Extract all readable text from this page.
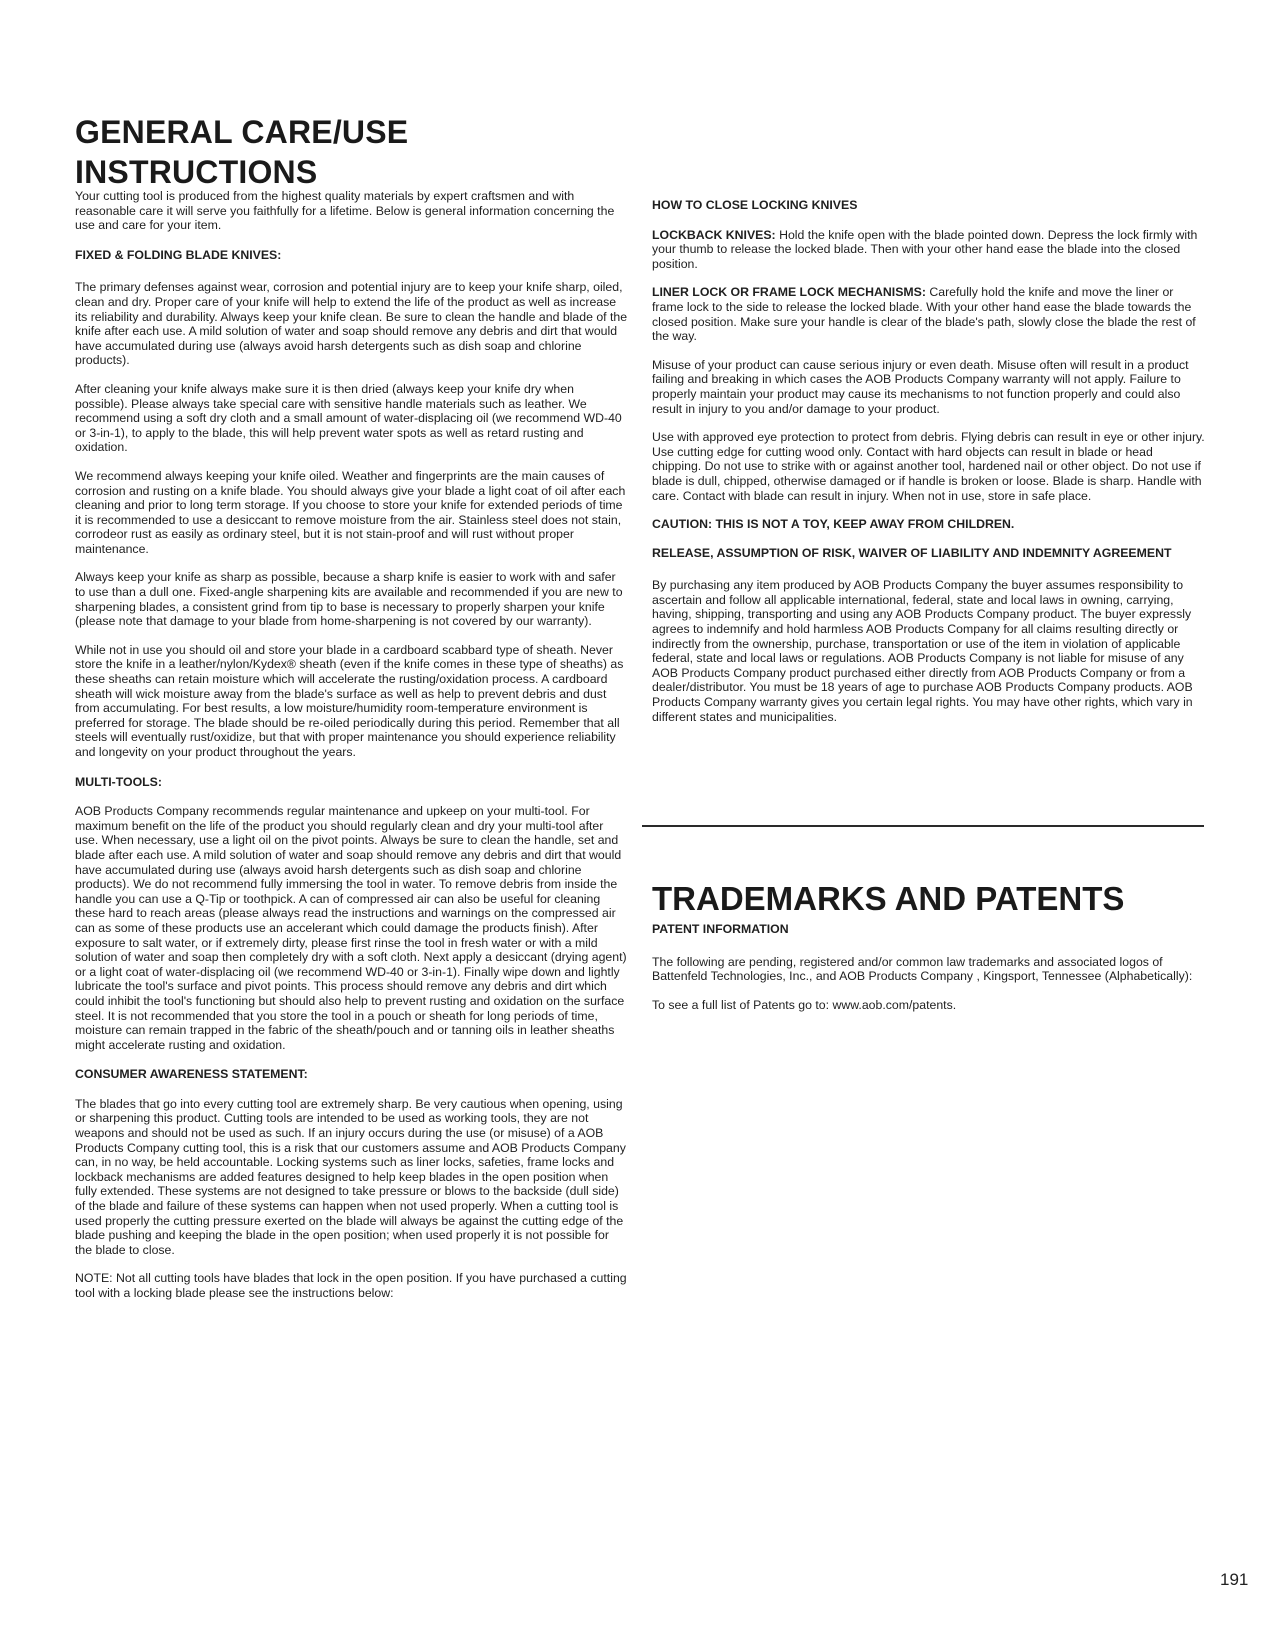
GENERAL CARE/USE INSTRUCTIONS

Your cutting tool is produced from the highest quality materials by expert craftsmen and with reasonable care it will serve you faithfully for a lifetime. Below is general information concerning the use and care for your item.

FIXED & FOLDING BLADE KNIVES:

The primary defenses against wear, corrosion and potential injury are to keep your knife sharp, oiled, clean and dry. Proper care of your knife will help to extend the life of the product as well as increase its reliability and durability. Always keep your knife clean. Be sure to clean the handle and blade of the knife after each use. A mild solution of water and soap should remove any debris and dirt that would have accumulated during use (always avoid harsh detergents such as dish soap and chlorine products).

After cleaning your knife always make sure it is then dried (always keep your knife dry when possible). Please always take special care with sensitive handle materials such as leather. We recommend using a soft dry cloth and a small amount of water-displacing oil (we recommend WD-40 or 3-in-1), to apply to the blade, this will help prevent water spots as well as retard rusting and oxidation.

We recommend always keeping your knife oiled. Weather and fingerprints are the main causes of corrosion and rusting on a knife blade. You should always give your blade a light coat of oil after each cleaning and prior to long term storage. If you choose to store your knife for extended periods of time it is recommended to use a desiccant to remove moisture from the air. Stainless steel does not stain, corrodeor rust as easily as ordinary steel, but it is not stain-proof and will rust without proper maintenance.

Always keep your knife as sharp as possible, because a sharp knife is easier to work with and safer to use than a dull one. Fixed-angle sharpening kits are available and recommended if you are new to sharpening blades, a consistent grind from tip to base is necessary to properly sharpen your knife (please note that damage to your blade from home-sharpening is not covered by our warranty).

While not in use you should oil and store your blade in a cardboard scabbard type of sheath. Never store the knife in a leather/nylon/Kydex® sheath (even if the knife comes in these type of sheaths) as these sheaths can retain moisture which will accelerate the rusting/oxidation process. A cardboard sheath will wick moisture away from the blade's surface as well as help to prevent debris and dust from accumulating. For best results, a low moisture/humidity room-temperature environment is preferred for storage. The blade should be re-oiled periodically during this period. Remember that all steels will eventually rust/oxidize, but that with proper maintenance you should experience reliability and longevity on your product throughout the years.

MULTI-TOOLS:

AOB Products Company recommends regular maintenance and upkeep on your multi-tool. For maximum benefit on the life of the product you should regularly clean and dry your multi-tool after use. When necessary, use a light oil on the pivot points. Always be sure to clean the handle, set and blade after each use. A mild solution of water and soap should remove any debris and dirt that would have accumulated during use (always avoid harsh detergents such as dish soap and chlorine products). We do not recommend fully immersing the tool in water. To remove debris from inside the handle you can use a Q-Tip or toothpick. A can of compressed air can also be useful for cleaning these hard to reach areas (please always read the instructions and warnings on the compressed air can as some of these products use an accelerant which could damage the products finish). After exposure to salt water, or if extremely dirty, please first rinse the tool in fresh water or with a mild solution of water and soap then completely dry with a soft cloth. Next apply a desiccant (drying agent) or a light coat of water-displacing oil (we recommend WD-40 or 3-in-1). Finally wipe down and lightly lubricate the tool's surface and pivot points. This process should remove any debris and dirt which could inhibit the tool's functioning but should also help to prevent rusting and oxidation on the surface steel. It is not recommended that you store the tool in a pouch or sheath for long periods of time, moisture can remain trapped in the fabric of the sheath/pouch and or tanning oils in leather sheaths might accelerate rusting and oxidation.

CONSUMER AWARENESS STATEMENT:

The blades that go into every cutting tool are extremely sharp. Be very cautious when opening, using or sharpening this product. Cutting tools are intended to be used as working tools, they are not weapons and should not be used as such. If an injury occurs during the use (or misuse) of a AOB Products Company cutting tool, this is a risk that our customers assume and AOB Products Company can, in no way, be held accountable. Locking systems such as liner locks, safeties, frame locks and lockback mechanisms are added features designed to help keep blades in the open position when fully extended. These systems are not designed to take pressure or blows to the backside (dull side) of the blade and failure of these systems can happen when not used properly. When a cutting tool is used properly the cutting pressure exerted on the blade will always be against the cutting edge of the blade pushing and keeping the blade in the open position; when used properly it is not possible for the blade to close.

NOTE: Not all cutting tools have blades that lock in the open position. If you have purchased a cutting tool with a locking blade please see the instructions below:

HOW TO CLOSE LOCKING KNIVES

LOCKBACK KNIVES: Hold the knife open with the blade pointed down. Depress the lock firmly with your thumb to release the locked blade. Then with your other hand ease the blade into the closed position.

LINER LOCK OR FRAME LOCK MECHANISMS: Carefully hold the knife and move the liner or frame lock to the side to release the locked blade. With your other hand ease the blade towards the closed position. Make sure your handle is clear of the blade's path, slowly close the blade the rest of the way.

Misuse of your product can cause serious injury or even death. Misuse often will result in a product failing and breaking in which cases the AOB Products Company warranty will not apply. Failure to properly maintain your product may cause its mechanisms to not function properly and could also result in injury to you and/or damage to your product.

Use with approved eye protection to protect from debris. Flying debris can result in eye or other injury. Use cutting edge for cutting wood only. Contact with hard objects can result in blade or head chipping. Do not use to strike with or against another tool, hardened nail or other object. Do not use if blade is dull, chipped, otherwise damaged or if handle is broken or loose. Blade is sharp. Handle with care. Contact with blade can result in injury. When not in use, store in safe place.

CAUTION: THIS IS NOT A TOY, KEEP AWAY FROM CHILDREN.

RELEASE, ASSUMPTION OF RISK, WAIVER OF LIABILITY AND INDEMNITY AGREEMENT

By purchasing any item produced by AOB Products Company the buyer assumes responsibility to ascertain and follow all applicable international, federal, state and local laws in owning, carrying, having, shipping, transporting and using any AOB Products Company product. The buyer expressly agrees to indemnify and hold harmless AOB Products Company for all claims resulting directly or indirectly from the ownership, purchase, transportation or use of the item in violation of applicable federal, state and local laws or regulations. AOB Products Company is not liable for misuse of any AOB Products Company product purchased either directly from AOB Products Company or from a dealer/distributor. You must be 18 years of age to purchase AOB Products Company products. AOB Products Company warranty gives you certain legal rights. You may have other rights, which vary in different states and municipalities.

TRADEMARKS AND PATENTS

PATENT INFORMATION

The following are pending, registered and/or common law trademarks and associated logos of Battenfeld Technologies, Inc., and AOB Products Company , Kingsport, Tennessee (Alphabetically):

To see a full list of Patents go to: www.aob.com/patents.

191
